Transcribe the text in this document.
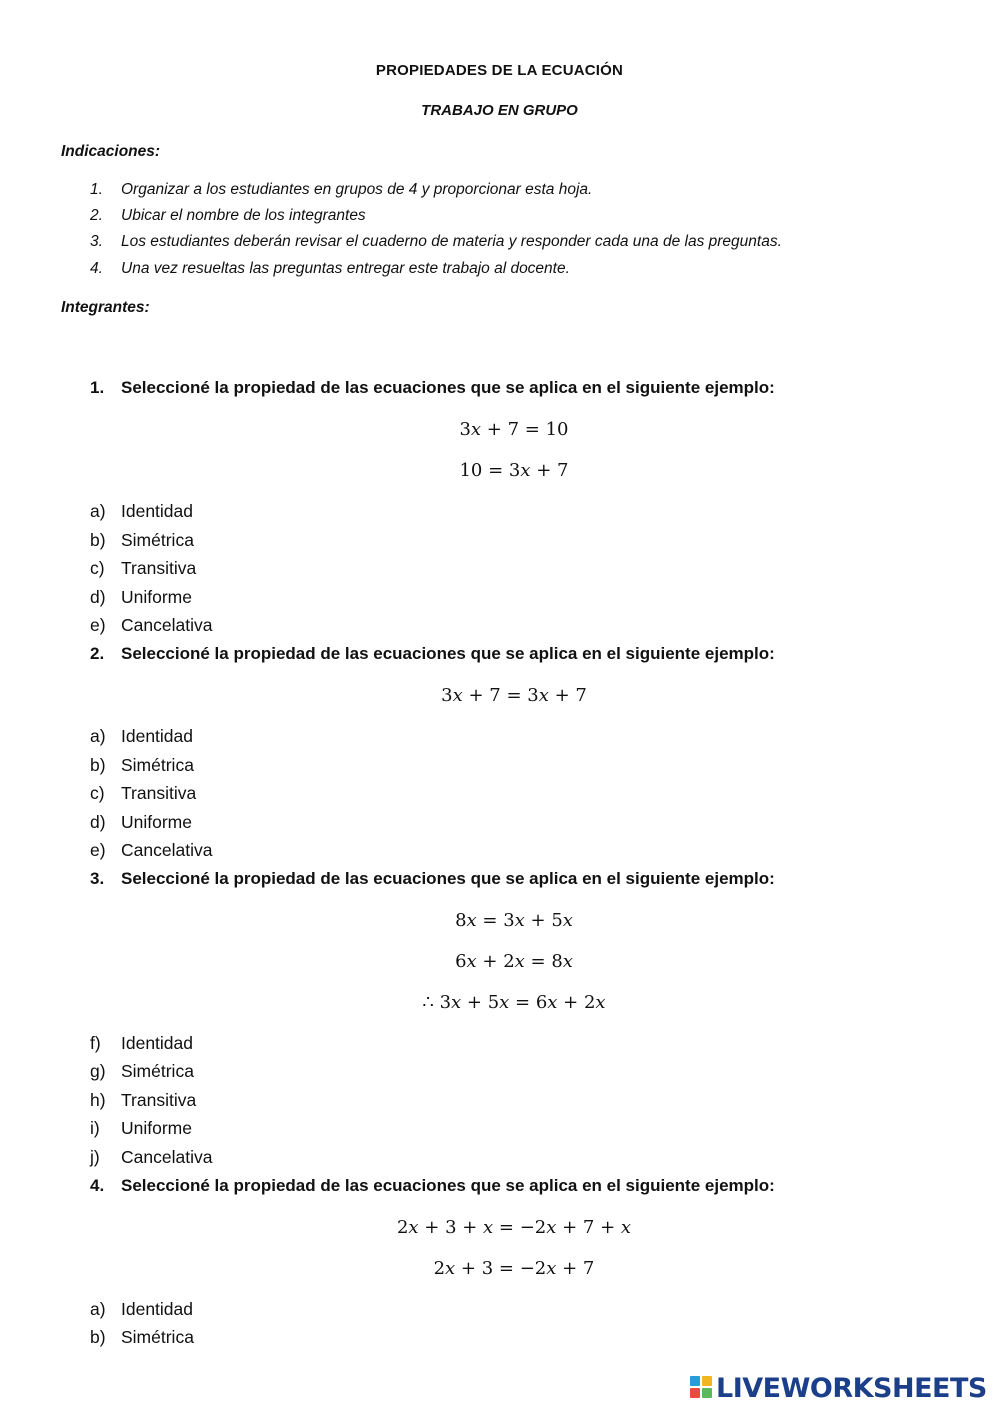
PROPIEDADES DE LA ECUACIÓN
TRABAJO EN GRUPO
Indicaciones:
1. Organizar a los estudiantes en grupos de 4 y proporcionar esta hoja.
2. Ubicar el nombre de los integrantes
3. Los estudiantes deberán revisar el cuaderno de materia y responder cada una de las preguntas.
4. Una vez resueltas las preguntas entregar este trabajo al docente.
Integrantes:
1. Seleccioné la propiedad de las ecuaciones que se aplica en el siguiente ejemplo:
3𝑥 + 7 = 10
10 = 3𝑥 + 7
a) Identidad
b) Simétrica
c) Transitiva
d) Uniforme
e) Cancelativa
2. Seleccioné la propiedad de las ecuaciones que se aplica en el siguiente ejemplo:
3𝑥 + 7 = 3𝑥 + 7
a) Identidad
b) Simétrica
c) Transitiva
d) Uniforme
e) Cancelativa
3. Seleccioné la propiedad de las ecuaciones que se aplica en el siguiente ejemplo:
8𝑥 = 3𝑥 + 5𝑥
6𝑥 + 2𝑥 = 8𝑥
∴ 3𝑥 + 5𝑥 = 6𝑥 + 2𝑥
f) Identidad
g) Simétrica
h) Transitiva
i) Uniforme
j) Cancelativa
4. Seleccioné la propiedad de las ecuaciones que se aplica en el siguiente ejemplo:
2𝑥 + 3 + 𝑥 = −2𝑥 + 7 + 𝑥
2𝑥 + 3 = −2𝑥 + 7
a) Identidad
b) Simétrica
LIVEWORKSHEETS
